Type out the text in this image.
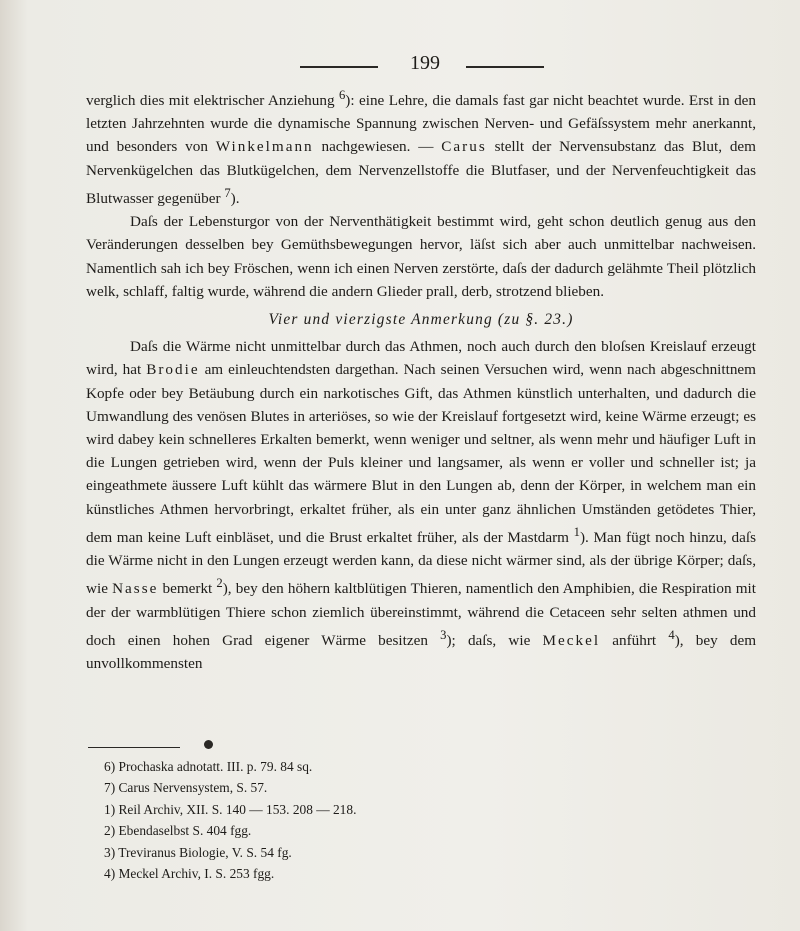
199

verglich dies mit elektrischer Anziehung $^6$): eine Lehre, die damals fast gar nicht beachtet wurde. Erst in den letzten Jahrzehnten wurde die dynamische Spannung zwischen Nerven- und Gefäſssystem mehr anerkannt, und besonders von Winkelmann nachgewiesen. — Carus stellt der Nervensubstanz das Blut, dem Nervenkügelchen das Blutkügelchen, dem Nervenzellstoffe die Blutfaser, und der Nervenfeuchtigkeit das Blutwasser gegenüber $^7$).

Daſs der Lebensturgor von der Nerventhätigkeit bestimmt wird, geht schon deutlich genug aus den Veränderungen desselben bey Gemüthsbewegungen hervor, läſst sich aber auch unmittelbar nachweisen. Namentlich sah ich bey Fröschen, wenn ich einen Nerven zerstörte, daſs der dadurch gelähmte Theil plötzlich welk, schlaff, faltig wurde, während die andern Glieder prall, derb, strotzend blieben.

Vier und vierzigste Anmerkung (zu §. 23.)

Daſs die Wärme nicht unmittelbar durch das Athmen, noch auch durch den bloſsen Kreislauf erzeugt wird, hat Brodie am einleuchtendsten dargethan. Nach seinen Versuchen wird, wenn nach abgeschnittnem Kopfe oder bey Betäubung durch ein narkotisches Gift, das Athmen künstlich unterhalten, und dadurch die Umwandlung des venösen Blutes in arteriöses, so wie der Kreislauf fortgesetzt wird, keine Wärme erzeugt; es wird dabey kein schnelleres Erkalten bemerkt, wenn weniger und seltner, als wenn mehr und häufiger Luft in die Lungen getrieben wird, wenn der Puls kleiner und langsamer, als wenn er voller und schneller ist; ja eingeathmete äussere Luft kühlt das wärmere Blut in den Lungen ab, denn der Körper, in welchem man ein künstliches Athmen hervorbringt, erkaltet früher, als ein unter ganz ähnlichen Umständen getödetes Thier, dem man keine Luft einbläset, und die Brust erkaltet früher, als der Mastdarm $^1$). Man fügt noch hinzu, daſs die Wärme nicht in den Lungen erzeugt werden kann, da diese nicht wärmer sind, als der übrige Körper; daſs, wie Nasse bemerkt $^2$), bey den höhern kaltblütigen Thieren, namentlich den Amphibien, die Respiration mit der der warmblütigen Thiere schon ziemlich übereinstimmt, während die Cetaceen sehr selten athmen und doch einen hohen Grad eigener Wärme besitzen $^3$); daſs, wie Meckel anführt $^4$), bey dem unvollkommensten

6) Prochaska adnotatt. III. p. 79. 84 sq.
7) Carus Nervensystem, S. 57.
1) Reil Archiv, XII. S. 140 — 153. 208 — 218.
2) Ebendaselbst S. 404 fgg.
3) Treviranus Biologie, V. S. 54 fg.
4) Meckel Archiv, I. S. 253 fgg.
